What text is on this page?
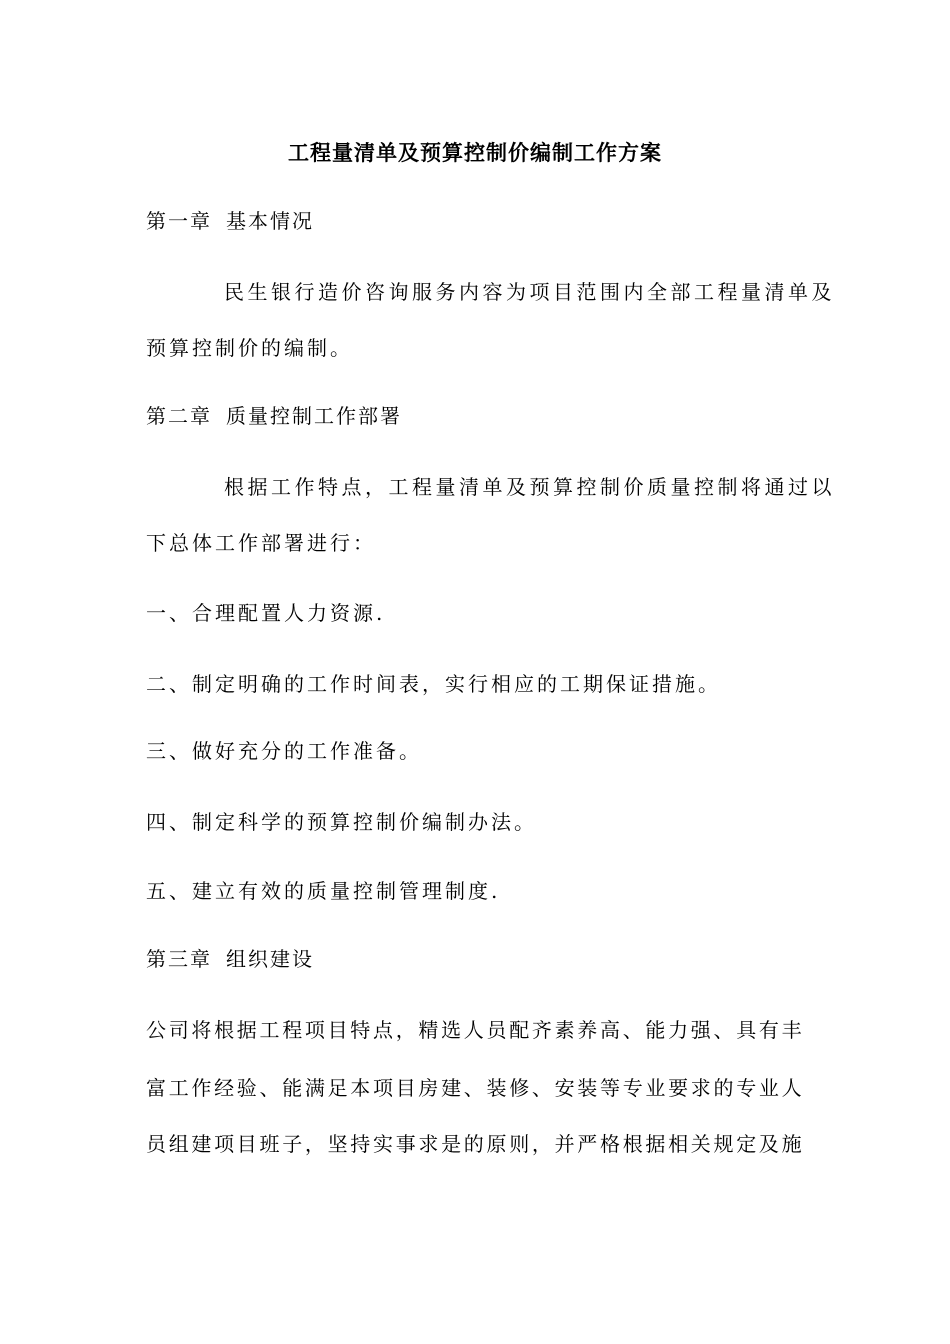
工程量清单及预算控制价编制工作方案
第一章 基本情况
民生银行造价咨询服务内容为项目范围内全部工程量清单及
预算控制价的编制。
第二章 质量控制工作部署
根据工作特点，工程量清单及预算控制价质量控制将通过以
下总体工作部署进行：
一、合理配置人力资源.
二、制定明确的工作时间表，实行相应的工期保证措施。
三、做好充分的工作准备。
四、制定科学的预算控制价编制办法。
五、建立有效的质量控制管理制度.
第三章 组织建设
公司将根据工程项目特点，精选人员配齐素养高、能力强、具有丰
富工作经验、能满足本项目房建、装修、安装等专业要求的专业人
员组建项目班子，坚持实事求是的原则，并严格根据相关规定及施
